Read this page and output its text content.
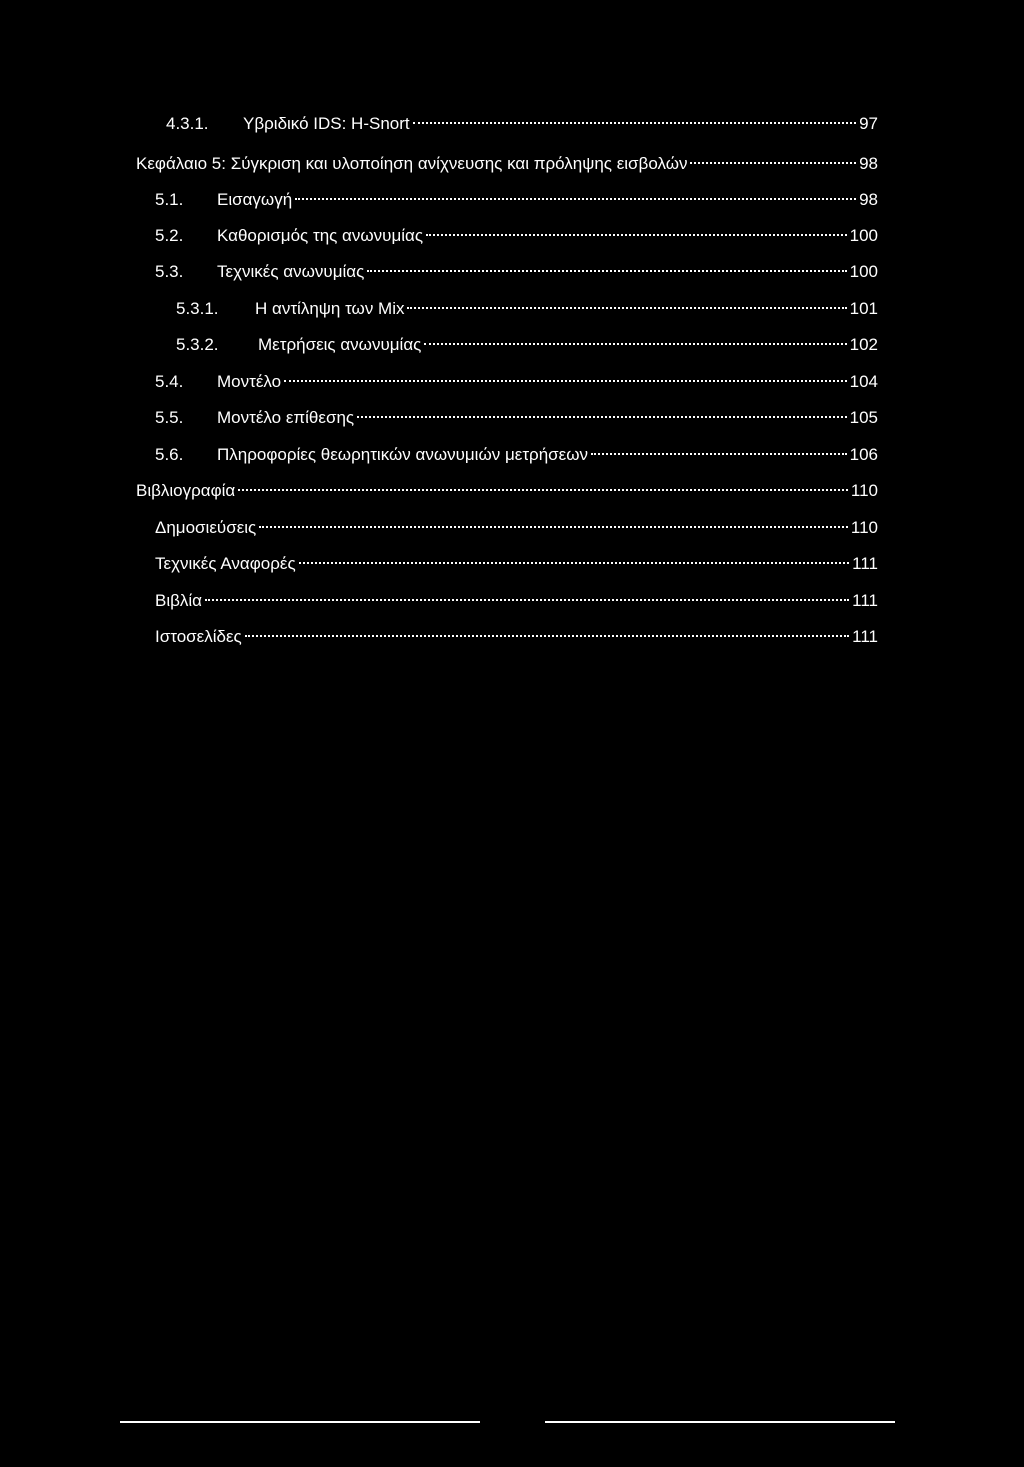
4.3.1.	Υβριδικό IDS: H-Snort	97
Κεφάλαιο 5: Σύγκριση και υλοποίηση ανίχνευσης και πρόληψης εισβολών	98
5.1.	Εισαγωγή	98
5.2.	Καθορισμός της ανωνυμίας	100
5.3.	Τεχνικές ανωνυμίας	100
5.3.1.	Η αντίληψη των Mix	101
5.3.2.	Μετρήσεις ανωνυμίας	102
5.4.	Μοντέλο	104
5.5.	Μοντέλο επίθεσης	105
5.6.	Πληροφορίες θεωρητικών ανωνυμιών μετρήσεων	106
Βιβλιογραφία	110
Δημοσιεύσεις	110
Τεχνικές Αναφορές	111
Βιβλία	111
Ιστοσελίδες	111
